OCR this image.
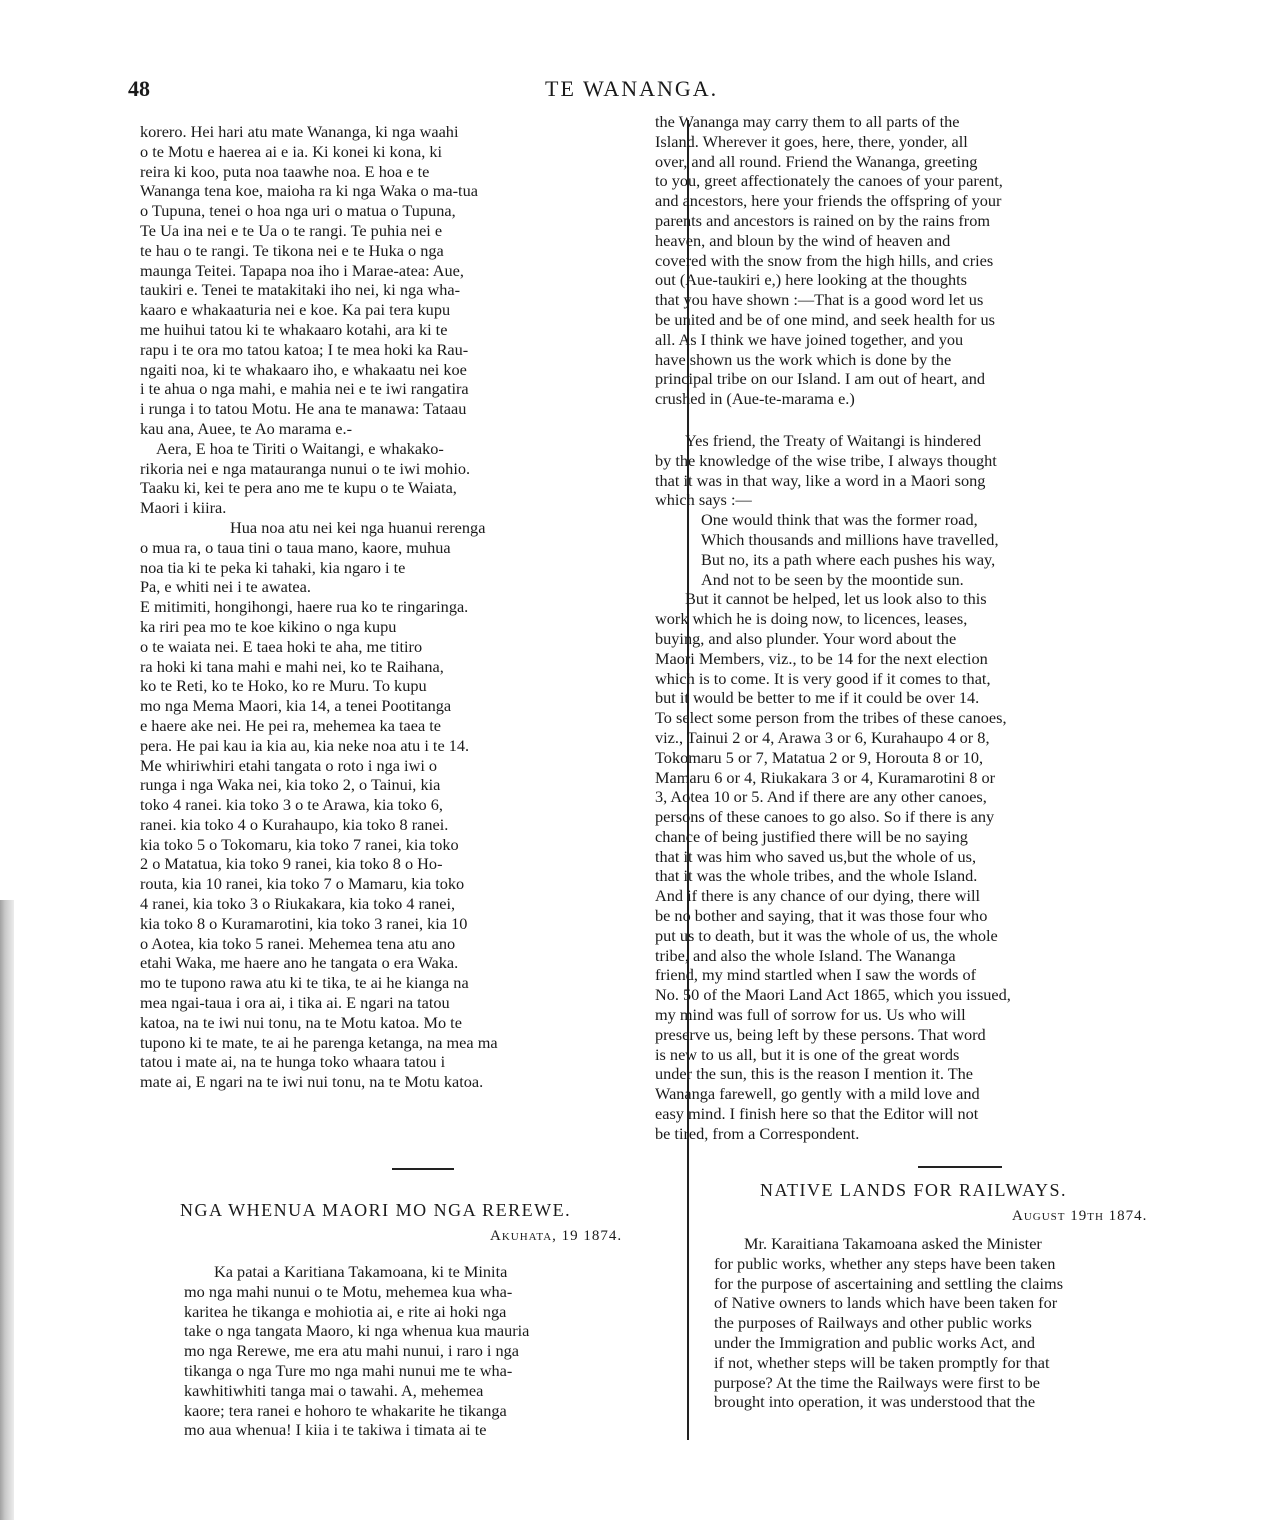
48	TE WANANGA.
korero. Hei hari atu mate Wananga, ki nga waahi
o te Motu e haerea ai e ia. Ki konei ki kona, ki
reira ki koo, puta noa taawhe noa. E hoa e te
Wananga tena koe, maioha ra ki nga Waka o ma-tua
o Tupuna, tenei o hoa nga uri o matua o Tupuna,
Te Ua ina nei e te Ua o te rangi. Te puhia nei e
te hau o te rangi. Te tikona nei e te Huka o nga
maunga Teitei. Tapapa noa iho i Marae-atea: Aue,
taukiri e. Tenei te matakitaki iho nei, ki nga wha-
kaaro e whakaaturia nei e koe. Ka pai tera kupu
me huihui tatou ki te whakaaro kotahi, ara ki te
rapu i te ora mo tatou katoa; I te mea hoki ka Rau-
ngaiti noa, ki te whakaaro iho, e whakaatu nei koe
i te ahua o nga mahi, e mahia nei e te iwi rangatira
i runga i to tatou Motu. He ana te manawa: Tataau
kau ana, Auee, te Ao marama e.-
Aera, E hoa te Tiriti o Waitangi, e whakako-
rikoria nei e nga matauranga nunui o te iwi mohio.
Taaku ki, kei te pera ano me te kupu o te Waiata,
Maori i kiira.
Hua noa atu nei kei nga huanui rerenga
o mua ra, o taua tini o taua mano, kaore, muhua
noa tia ki te peka ki tahaki, kia ngaro i te
Pa, e whiti nei i te awatea.
E mitimiti, hongihongi, haere rua ko te ringaringa.
ka riri pea mo te koe kikino o nga kupu
o te waiata nei. E taea hoki te aha, me titiro
ra hoki ki tana mahi e mahi nei, ko te Raihana,
ko te Reti, ko te Hoko, ko re Muru. To kupu
mo nga Mema Maori, kia 14, a tenei Pootitanga
e haere ake nei. He pei ra, mehemea ka taea te
pera. He pai kau ia kia au, kia neke noa atu i te 14.
Me whiriwhiri etahi tangata o roto i nga iwi o
runga i nga Waka nei, kia toko 2, o Tainui, kia
toko 4 ranei. kia toko 3 o te Arawa, kia toko 6,
ranei. kia toko 4 o Kurahaupo, kia toko 8 ranei.
kia toko 5 o Tokomaru, kia toko 7 ranei, kia toko
2 o Matatua, kia toko 9 ranei, kia toko 8 o Ho-
routa, kia 10 ranei, kia toko 7 o Mamaru, kia toko
4 ranei, kia toko 3 o Riukakara, kia toko 4 ranei,
kia toko 8 o Kuramarotini, kia toko 3 ranei, kia 10
o Aotea, kia toko 5 ranei. Mehemea tena atu ano
etahi Waka, me haere ano he tangata o era Waka.
mo te tupono rawa atu ki te tika, te ai he kianga na
mea ngai-taua i ora ai, i tika ai. E ngari na tatou
katoa, na te iwi nui tonu, na te Motu katoa. Mo te
tupono ki te mate, te ai he parenga ketanga, na mea ma
tatou i mate ai, na te hunga toko whaara tatou i
mate ai, E ngari na te iwi nui tonu, na te Motu katoa.
the Wananga may carry them to all parts of the
Island. Wherever it goes, here, there, yonder, all
over, and all round. Friend the Wananga, greeting
to you, greet affectionately the canoes of your parent,
and ancestors, here your friends the offspring of your
parents and ancestors is rained on by the rains from
heaven, and bloun by the wind of heaven and
covered with the snow from the high hills, and cries
out (Aue-taukiri e,) here looking at the thoughts
that you have shown :—That is a good word let us
be united and be of one mind, and seek health for us
all. As I think we have joined together, and you
have shown us the work which is done by the
principal tribe on our Island. I am out of heart, and
crushed in (Aue-te-marama e.)
Yes friend, the Treaty of Waitangi is hindered
by the knowledge of the wise tribe, I always thought
that it was in that way, like a word in a Maori song
which says :—
One would think that was the former road,
Which thousands and millions have travelled,
But no, its a path where each pushes his way,
And not to be seen by the moontide sun.
But it cannot be helped, let us look also to this
work which he is doing now, to licences, leases,
buying, and also plunder. Your word about the
Maori Members, viz., to be 14 for the next election
which is to come. It is very good if it comes to that,
but it would be better to me if it could be over 14.
To select some person from the tribes of these canoes,
viz., Tainui 2 or 4, Arawa 3 or 6, Kurahaupo 4 or 8,
Tokomaru 5 or 7, Matatua 2 or 9, Horouta 8 or 10,
Mamaru 6 or 4, Riukakara 3 or 4, Kuramarotini 8 or
3, Aotea 10 or 5. And if there are any other canoes,
persons of these canoes to go also. So if there is any
chance of being justified there will be no saying
that it was him who saved us,but the whole of us,
that it was the whole tribes, and the whole Island.
And if there is any chance of our dying, there will
be no bother and saying, that it was those four who
put us to death, but it was the whole of us, the whole
tribe, and also the whole Island. The Wananga
friend, my mind startled when I saw the words of
No. 50 of the Maori Land Act 1865, which you issued,
my mind was full of sorrow for us. Us who will
preserve us, being left by these persons. That word
is new to us all, but it is one of the great words
under the sun, this is the reason I mention it. The
Wananga farewell, go gently with a mild love and
easy mind. I finish here so that the Editor will not
be tired, from a Correspondent.
NGA WHENUA MAORI MO NGA REREWE.
Akuhata, 19 1874.
NATIVE LANDS FOR RAILWAYS.
August 19th 1874.
Ka patai a Karitiana Takamoana, ki te Minita
mo nga mahi nunui o te Motu, mehemea kua wha-
karitea he tikanga e mohiotia ai, e rite ai hoki nga
take o nga tangata Maoro, ki nga whenua kua mauria
mo nga Rerewe, me era atu mahi nunui, i raro i nga
tikanga o nga Ture mo nga mahi nunui me te wha-
kawhitiwhiti tanga mai o tawahi. A, mehemea
kaore; tera ranei e hohoro te whakarite he tikanga
mo aua whenua! I kiia i te takiwa i timata ai te
Mr. Karaitiana Takamoana asked the Minister
for public works, whether any steps have been taken
for the purpose of ascertaining and settling the claims
of Native owners to lands which have been taken for
the purposes of Railways and other public works
under the Immigration and public works Act, and
if not, whether steps will be taken promptly for that
purpose? At the time the Railways were first to be
brought into operation, it was understood that the
